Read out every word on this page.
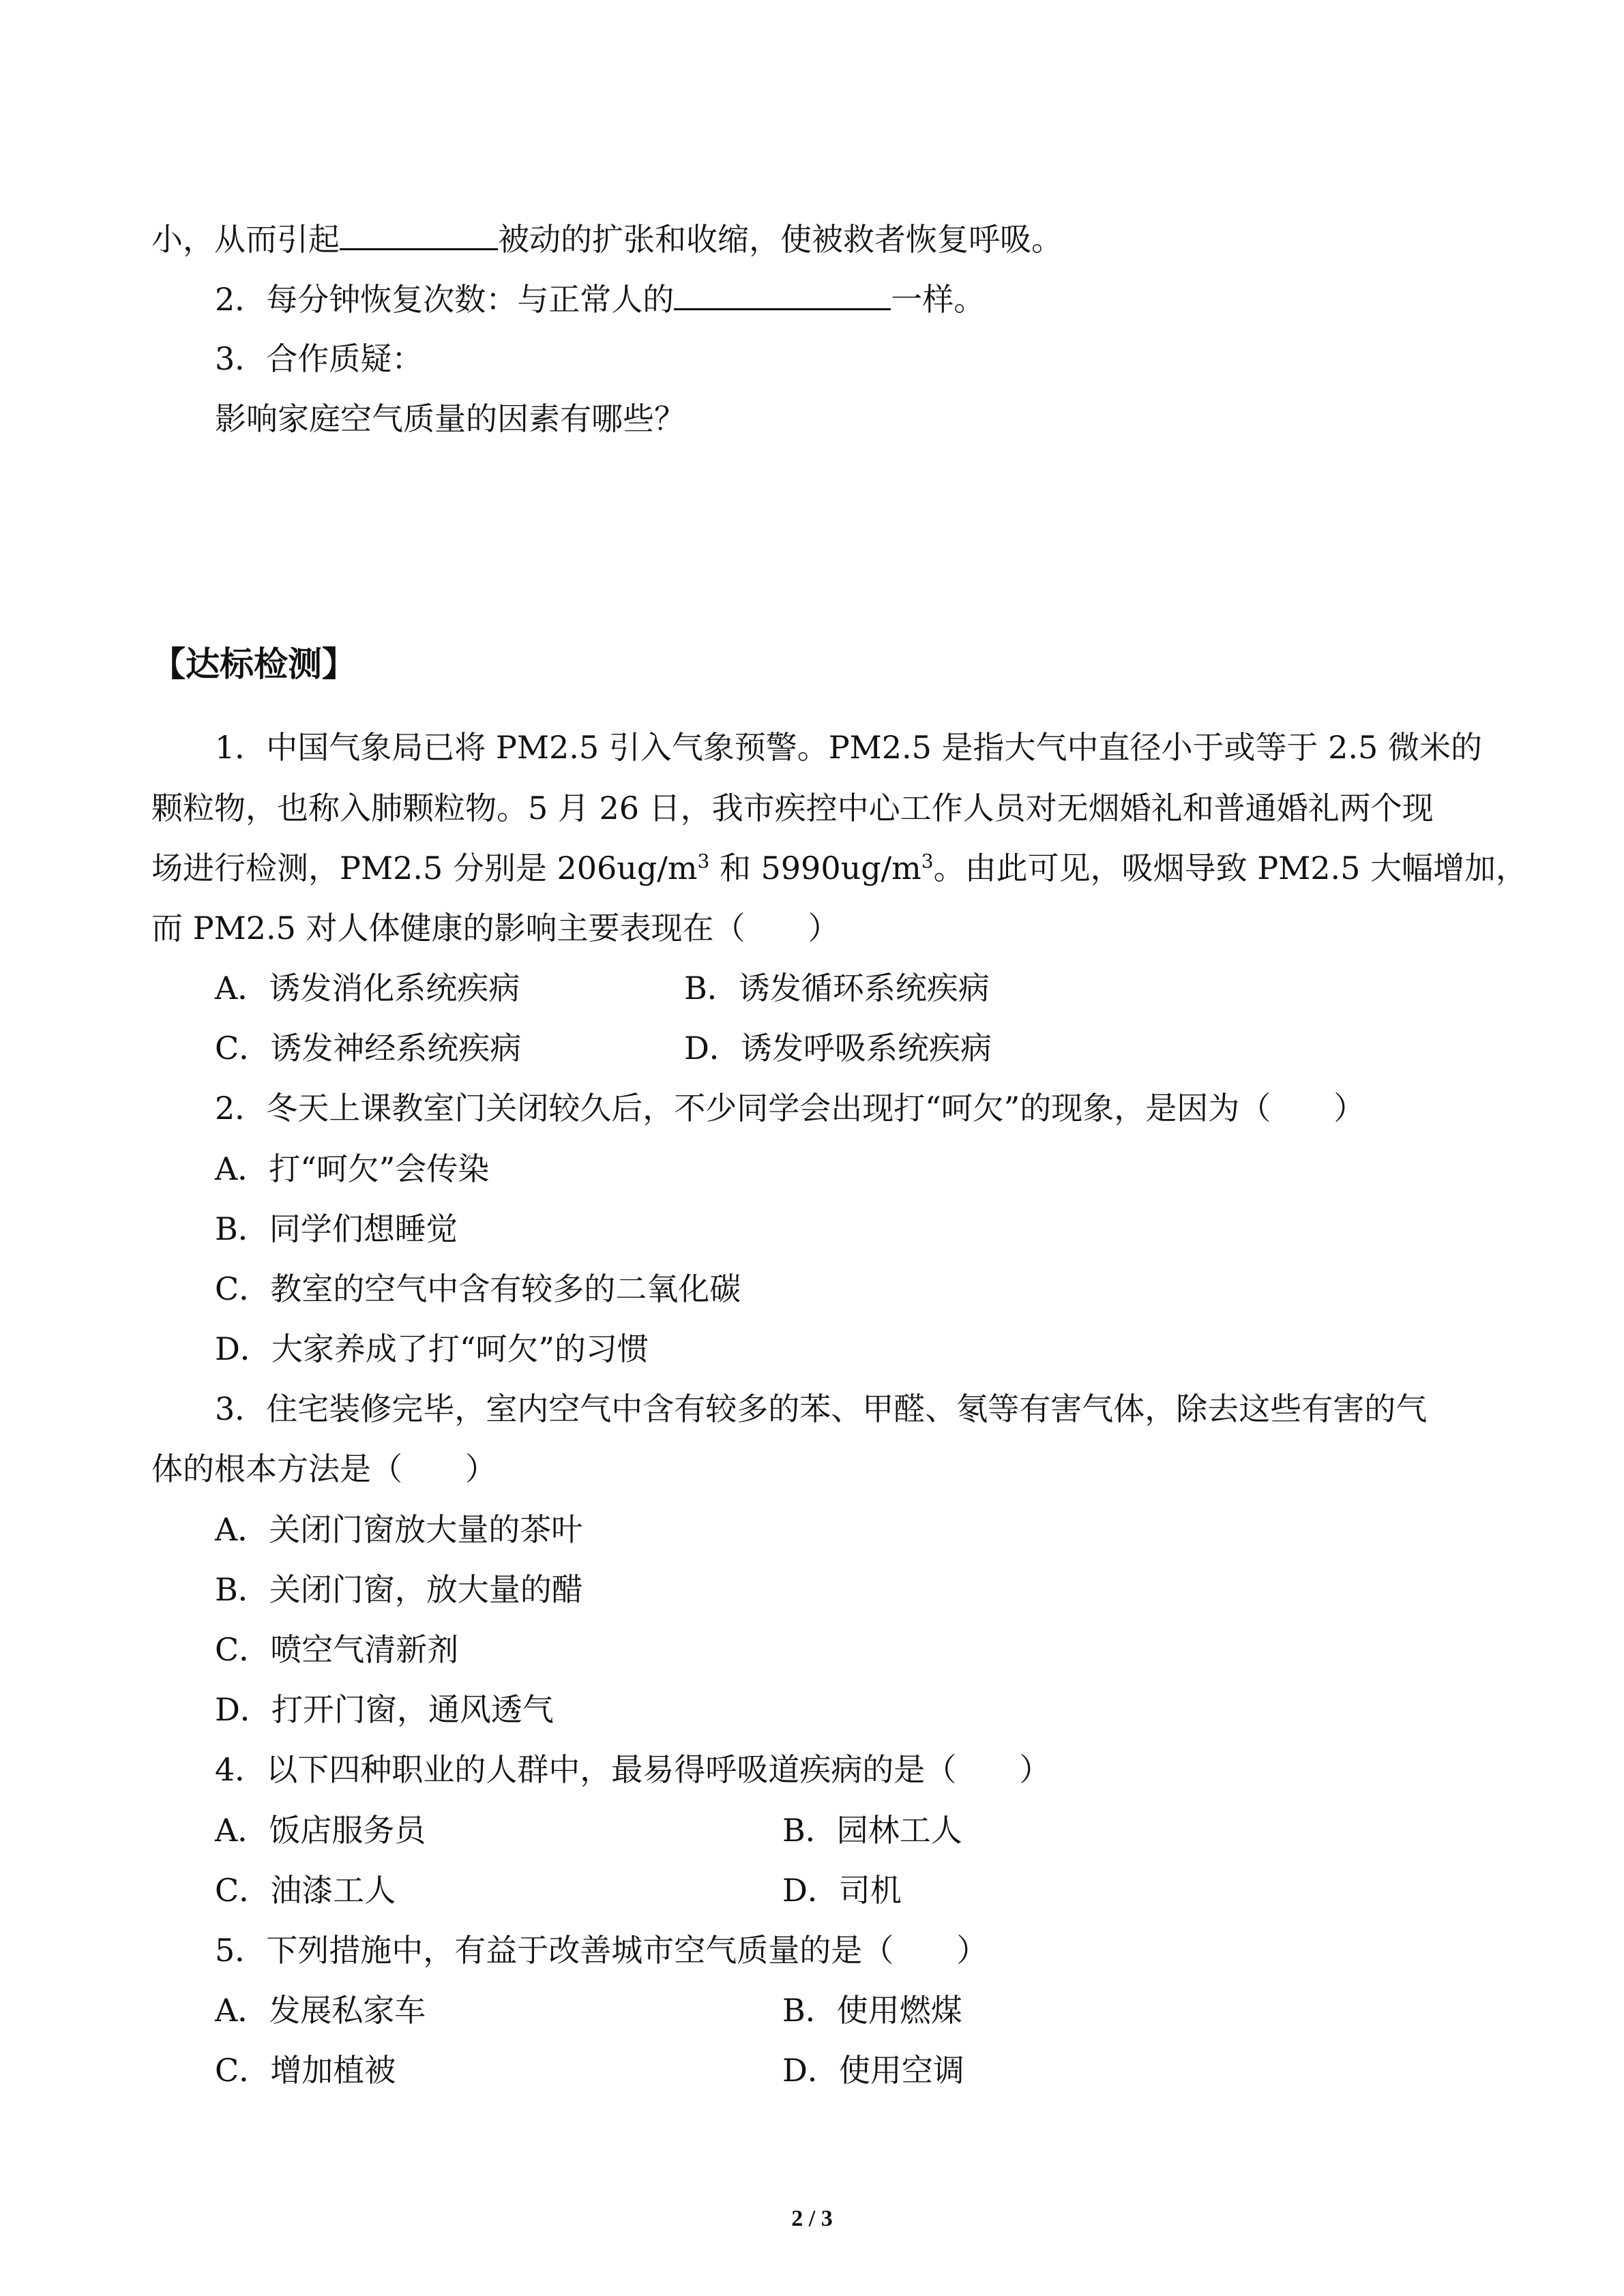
小，从而引起	被动的扩张和收缩，使被救者恢复呼吸。
2．每分钟恢复次数：与正常人的	一样。
3．合作质疑：
影响家庭空气质量的因素有哪些？
【达标检测】
1．中国气象局已将 PM2.5 引入气象预警。PM2.5 是指大气中直径小于或等于 2.5 微米的
颗粒物，也称入肺颗粒物。5 月 26 日，我市疾控中心工作人员对无烟婚礼和普通婚礼两个现
场进行检测，PM2.5 分别是 $206ug/m^3$ 和 $5990ug/m^3$。由此可见，吸烟导致 PM2.5 大幅增加，
而 PM2.5 对人体健康的影响主要表现在（　　）
A．诱发消化系统疾病	B．诱发循环系统疾病
C．诱发神经系统疾病	D．诱发呼吸系统疾病
2．冬天上课教室门关闭较久后，不少同学会出现打“呵欠”的现象，是因为（　　）
A．打“呵欠”会传染
B．同学们想睡觉
C．教室的空气中含有较多的二氧化碳
D．大家养成了打“呵欠”的习惯
3．住宅装修完毕，室内空气中含有较多的苯、甲醛、氡等有害气体，除去这些有害的气
体的根本方法是（　　）
A．关闭门窗放大量的茶叶
B．关闭门窗，放大量的醋
C．喷空气清新剂
D．打开门窗，通风透气
4．以下四种职业的人群中，最易得呼吸道疾病的是（　　）
A．饭店服务员	B．园林工人
C．油漆工人	D．司机
5．下列措施中，有益于改善城市空气质量的是（　　）
A．发展私家车	B．使用燃煤
C．增加植被	D．使用空调
2 / 3
